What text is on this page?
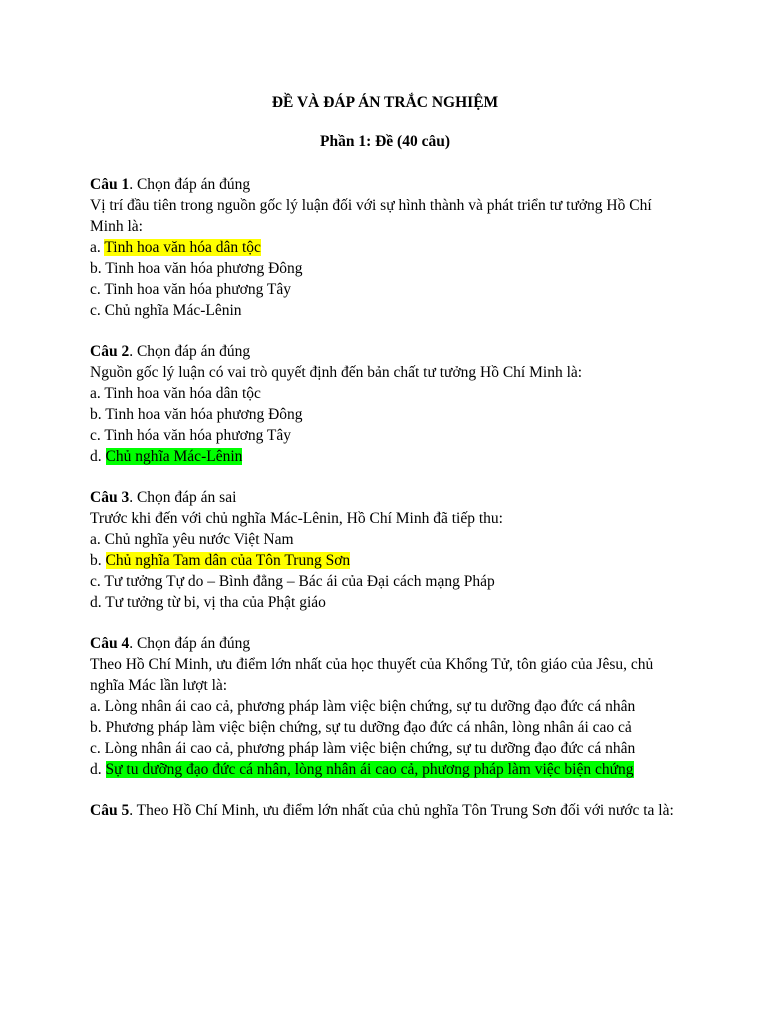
ĐỀ VÀ ĐÁP ÁN TRẮC NGHIỆM
Phần 1: Đề (40 câu)
Câu 1. Chọn đáp án đúng
Vị trí đầu tiên trong nguồn gốc lý luận đối với sự hình thành và phát triển tư tưởng Hồ Chí Minh là:
a. Tinh hoa văn hóa dân tộc
b. Tinh hoa văn hóa phương Đông
c. Tinh hoa văn hóa phương Tây
c. Chủ nghĩa Mác-Lênin
Câu 2. Chọn đáp án đúng
Nguồn gốc lý luận có vai trò quyết định đến bản chất tư tưởng Hồ Chí Minh là:
a. Tinh hoa văn hóa dân tộc
b. Tinh hoa văn hóa phương Đông
c. Tinh hóa văn hóa phương Tây
d. Chủ nghĩa Mác-Lênin
Câu 3. Chọn đáp án sai
Trước khi đến với chủ nghĩa Mác-Lênin, Hồ Chí Minh đã tiếp thu:
a. Chủ nghĩa yêu nước Việt Nam
b. Chủ nghĩa Tam dân của Tôn Trung Sơn
c. Tư tưởng Tự do – Bình đẳng – Bác ái của Đại cách mạng Pháp
d. Tư tưởng từ bi, vị tha của Phật giáo
Câu 4. Chọn đáp án đúng
Theo Hồ Chí Minh, ưu điểm lớn nhất của học thuyết của Khổng Tử, tôn giáo của Jêsu, chủ nghĩa Mác lần lượt là:
a. Lòng nhân ái cao cả, phương pháp làm việc biện chứng, sự tu dưỡng đạo đức cá nhân
b. Phương pháp làm việc biện chứng, sự tu dưỡng đạo đức cá nhân, lòng nhân ái cao cả
c. Lòng nhân ái cao cả, phương pháp làm việc biện chứng, sự tu dưỡng đạo đức cá nhân
d. Sự tu dưỡng đạo đức cá nhân, lòng nhân ái cao cả, phương pháp làm việc biện chứng
Câu 5. Theo Hồ Chí Minh, ưu điểm lớn nhất của chủ nghĩa Tôn Trung Sơn đối với nước ta là:
